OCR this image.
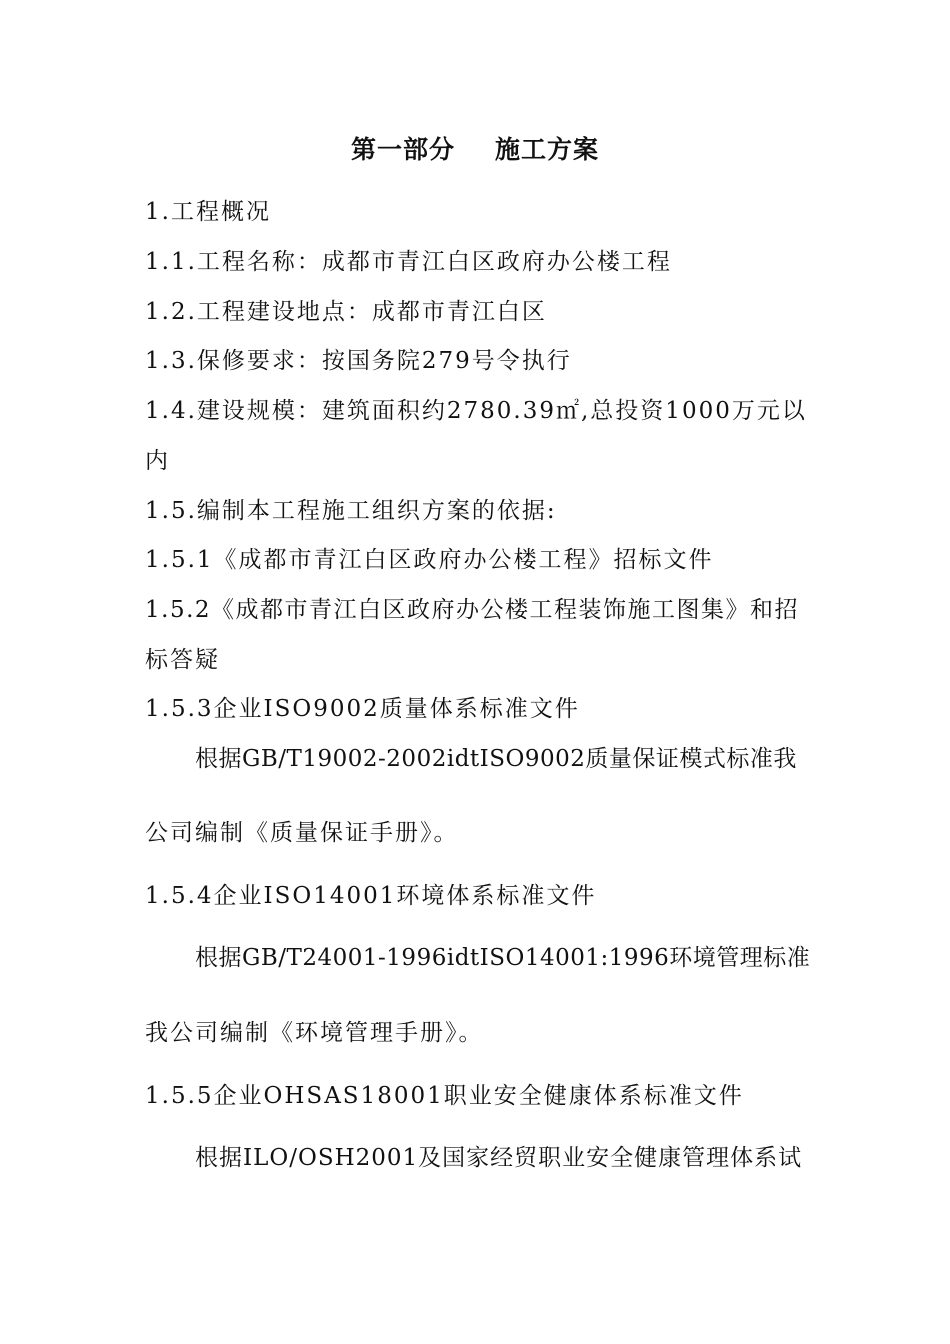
第一部分 施工方案
1.工程概况
1.1.工程名称：成都市青江白区政府办公楼工程
1.2.工程建设地点：成都市青江白区
1.3.保修要求：按国务院279号令执行
1.4.建设规模：建筑面积约2780.39㎡,总投资1000万元以
内
1.5.编制本工程施工组织方案的依据:
1.5.1《成都市青江白区政府办公楼工程》招标文件
1.5.2《成都市青江白区政府办公楼工程装饰施工图集》和招
标答疑
1.5.3企业ISO9002质量体系标准文件
根据GB/T19002-2002idtISO9002质量保证模式标准我
公司编制《质量保证手册》。
1.5.4企业ISO14001环境体系标准文件
根据GB/T24001-1996idtISO14001:1996环境管理标准
我公司编制《环境管理手册》。
1.5.5企业OHSAS18001职业安全健康体系标准文件
根据ILO/OSH2001及国家经贸职业安全健康管理体系试
